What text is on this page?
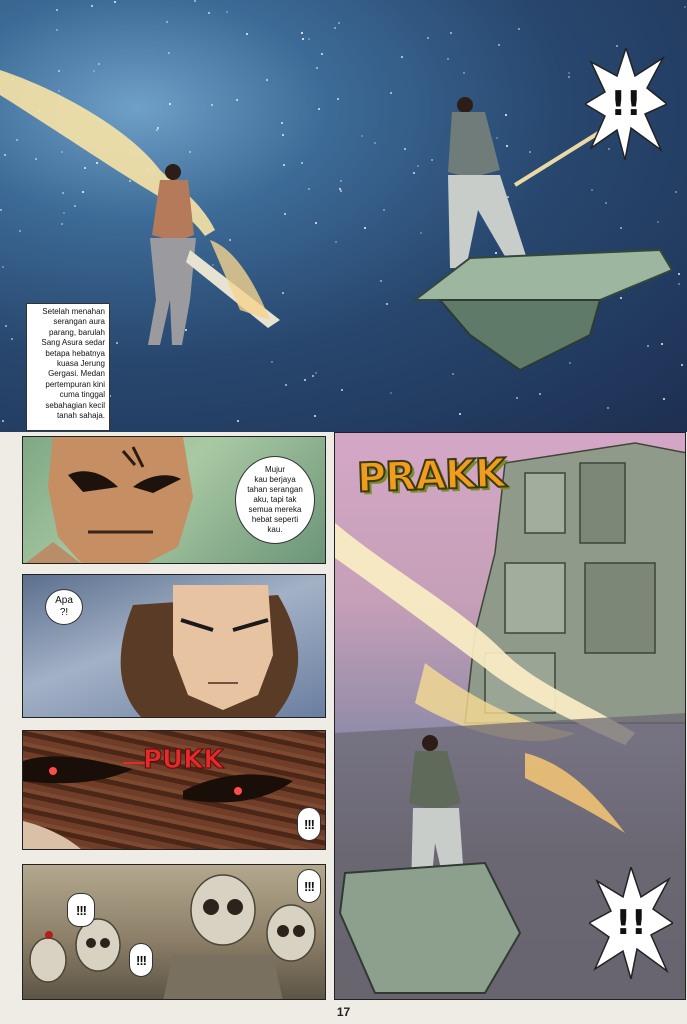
Setelah menahan
serangan aura
parang, barulah
Sang Asura sedar
betapa hebatnya
kuasa Jerung
Gergasi. Medan
pertempuran kini
cuma tinggal
sebahagian kecil
tanah sahaja.
!!
Mujur
kau berjaya
tahan serangan
aku, tapi tak
semua mereka
hebat seperti
kau.
Apa
?!
PUKK
!!!
!!!
!!!
!!!
PRAKK
!!
17
